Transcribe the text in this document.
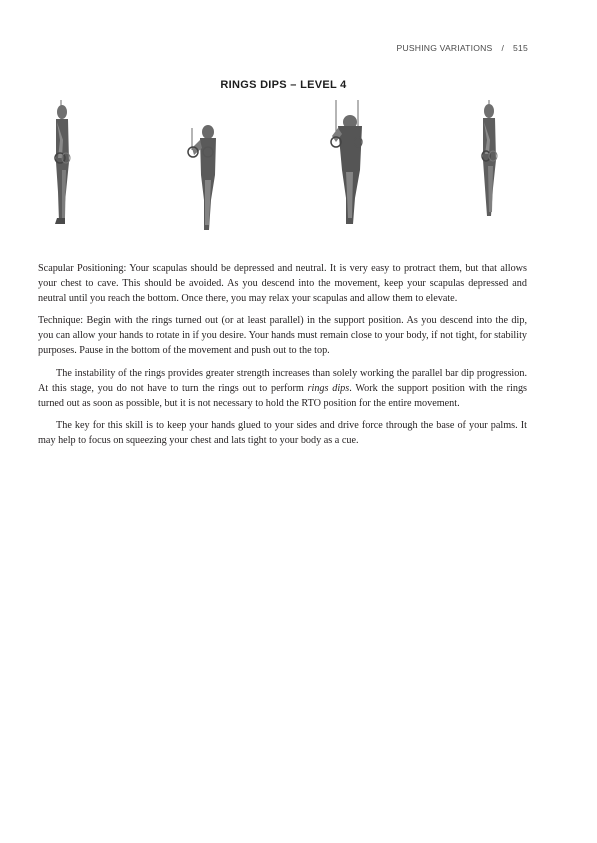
PUSHING VARIATIONS / 515
RINGS DIPS – LEVEL 4

Scapular Positioning: Your scapulas should be depressed and neutral. It is very easy to protract them, but that allows your chest to cave. This should be avoided. As you descend into the movement, keep your scapulas depressed and neutral until you reach the bottom. Once there, you may relax your scapulas and allow them to elevate.

Technique: Begin with the rings turned out (or at least parallel) in the support position. As you descend into the dip, you can allow your hands to rotate in if you desire. Your hands must remain close to your body, if not tight, for stability purposes. Pause in the bottom of the movement and push out to the top.

The instability of the rings provides greater strength increases than solely working the parallel bar dip progression. At this stage, you do not have to turn the rings out to perform rings dips. Work the support position with the rings turned out as soon as possible, but it is not necessary to hold the RTO position for the entire movement.

The key for this skill is to keep your hands glued to your sides and drive force through the base of your palms. It may help to focus on squeezing your chest and lats tight to your body as a cue.
